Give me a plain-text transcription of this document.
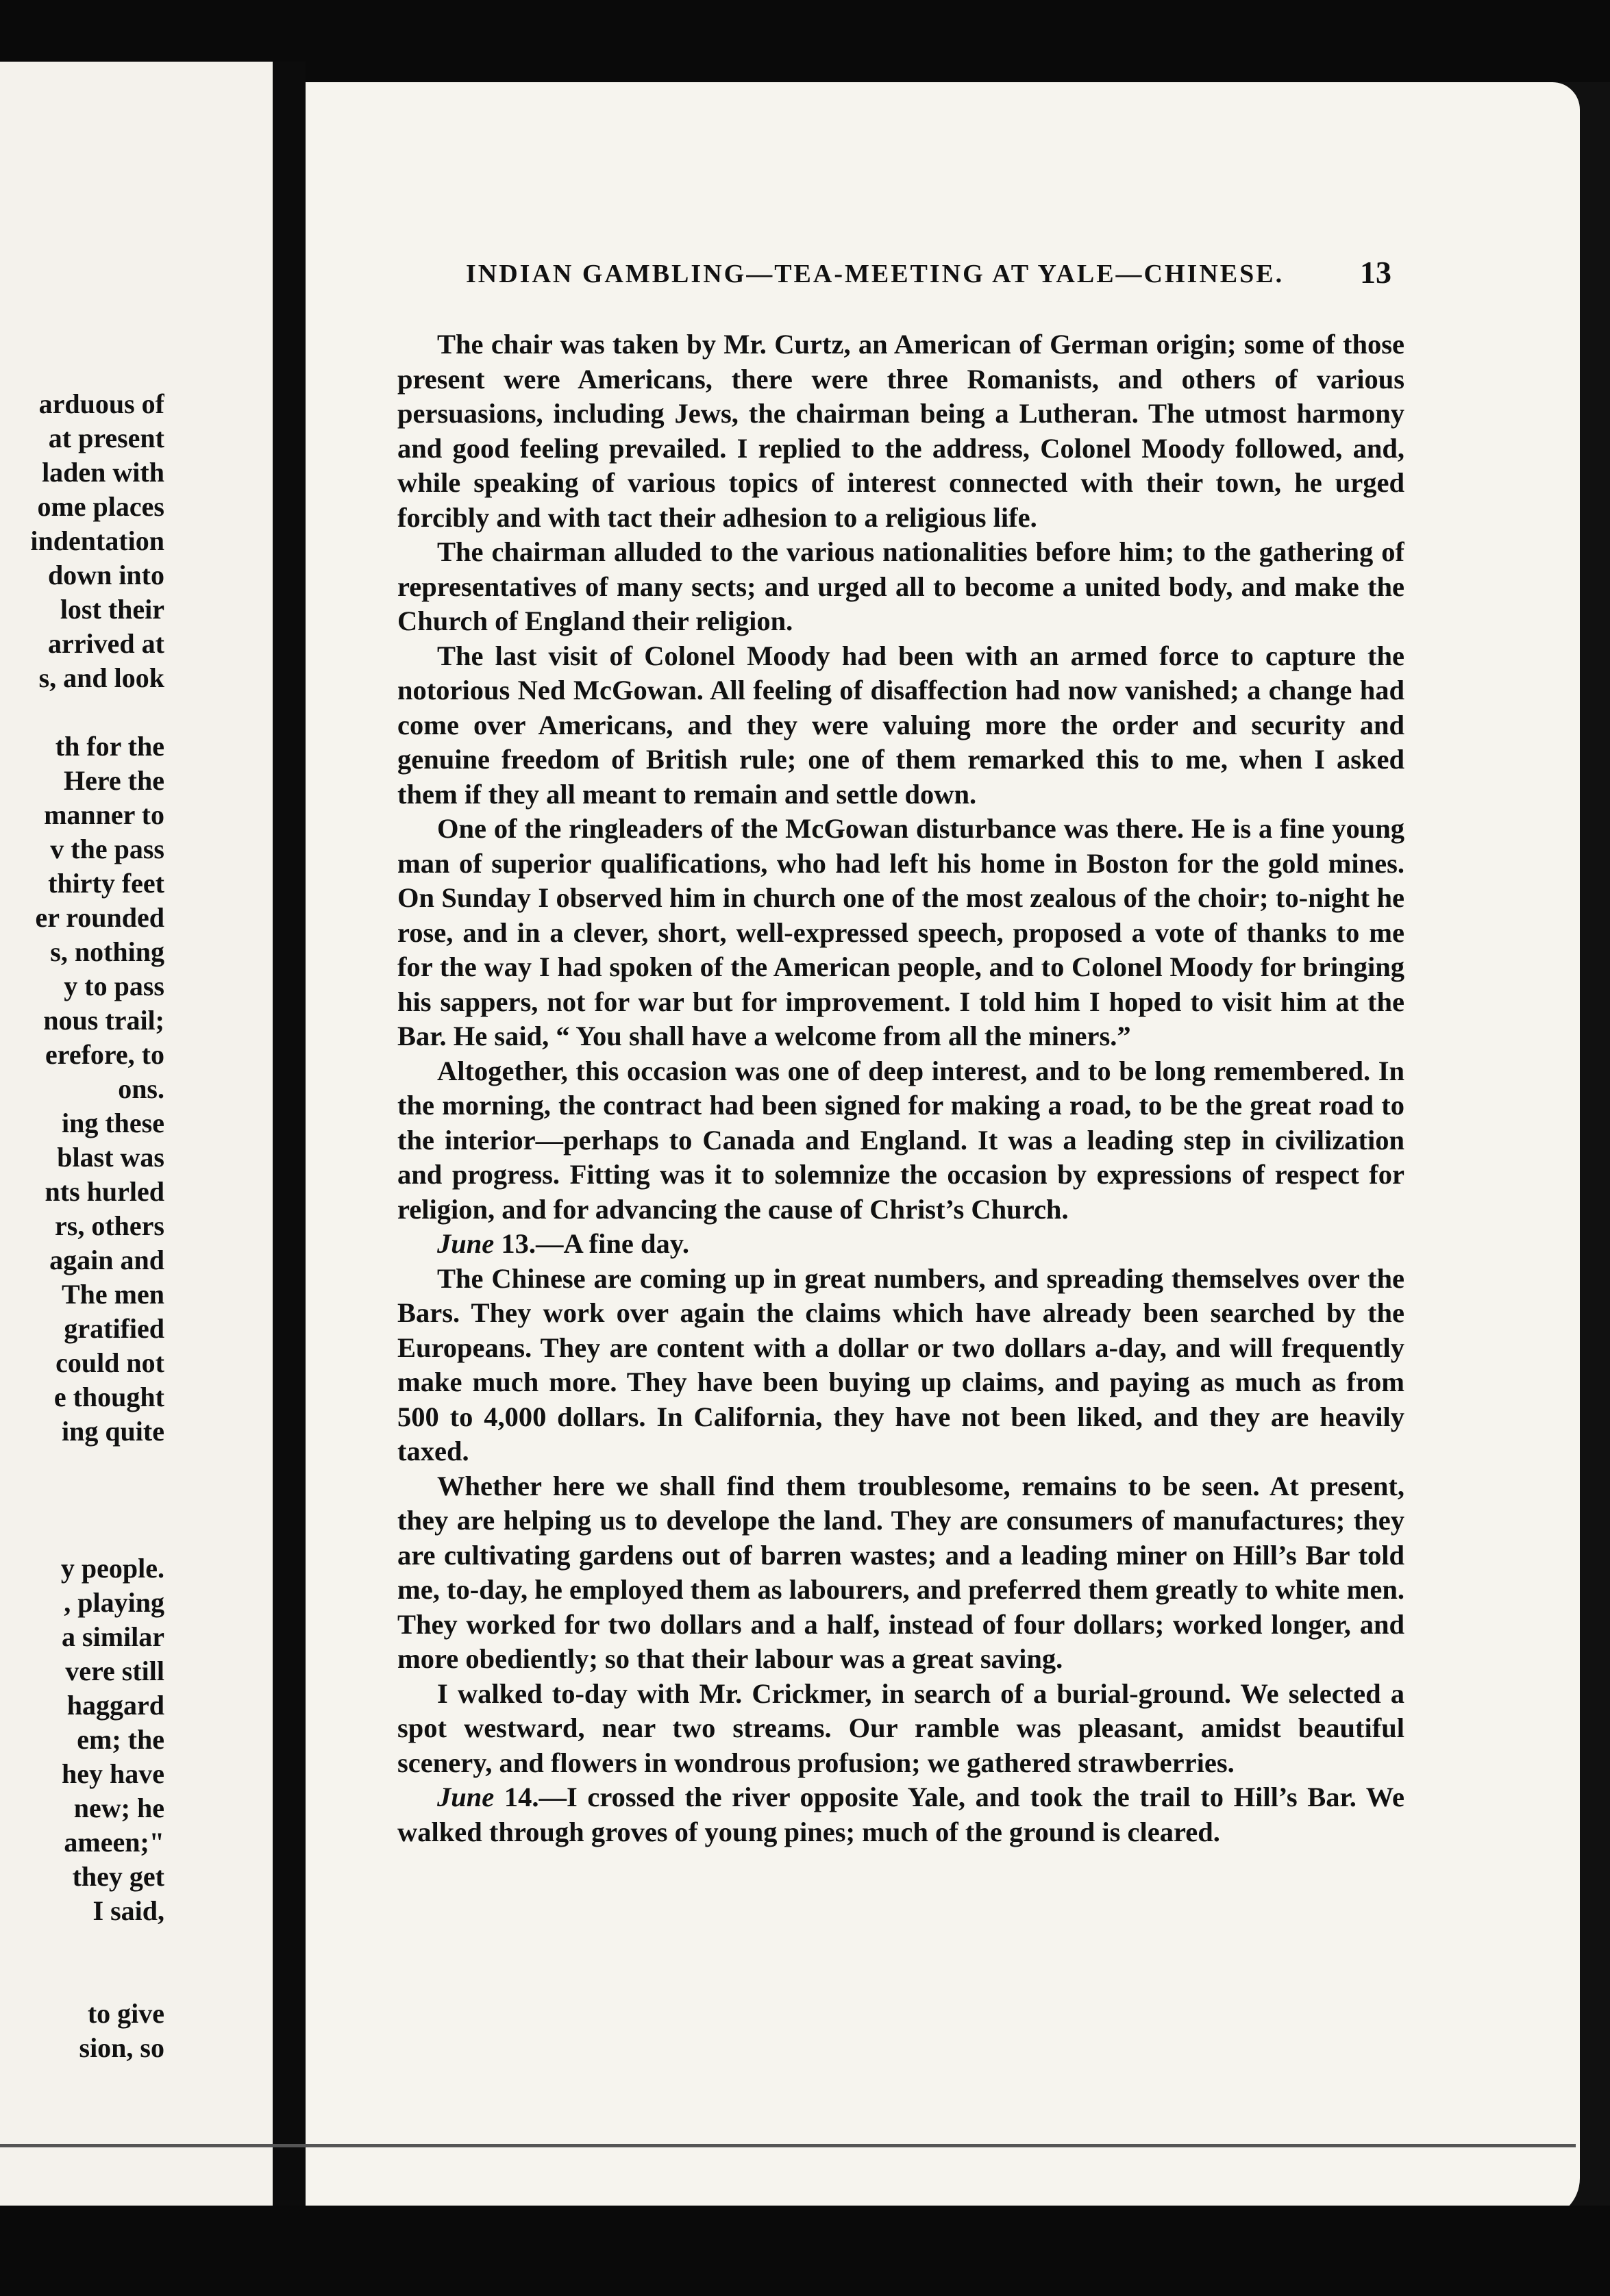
arduous of
at present
laden with
ome places
indentation
down into
lost their
arrived at
s, and look
th for the
Here the
manner to
v the pass
thirty feet
er rounded
s, nothing
y to pass
nous trail;
erefore, to
ons.
ing these
blast was
nts hurled
rs, others
again and
The men
gratified
could not
e thought
ing quite
y people.
, playing
a similar
vere still
haggard
em; the
hey have
new; he
ameen;"
they get
I said,
to give
sion, so
INDIAN GAMBLING—TEA-MEETING AT YALE—CHINESE.	13

The chair was taken by Mr. Curtz, an American of German origin; some of those present were Americans, there were three Romanists, and others of various persuasions, including Jews, the chairman being a Lutheran. The utmost harmony and good feeling prevailed. I replied to the address, Colonel Moody followed, and, while speaking of various topics of interest connected with their town, he urged forcibly and with tact their adhesion to a religious life.

The chairman alluded to the various nationalities before him; to the gathering of representatives of many sects; and urged all to become a united body, and make the Church of England their religion.

The last visit of Colonel Moody had been with an armed force to capture the notorious Ned McGowan. All feeling of disaffection had now vanished; a change had come over Americans, and they were valuing more the order and security and genuine freedom of British rule; one of them remarked this to me, when I asked them if they all meant to remain and settle down.

One of the ringleaders of the McGowan disturbance was there. He is a fine young man of superior qualifications, who had left his home in Boston for the gold mines. On Sunday I observed him in church one of the most zealous of the choir; to-night he rose, and in a clever, short, well-expressed speech, proposed a vote of thanks to me for the way I had spoken of the American people, and to Colonel Moody for bringing his sappers, not for war but for improvement. I told him I hoped to visit him at the Bar. He said, “ You shall have a welcome from all the miners.”

Altogether, this occasion was one of deep interest, and to be long remembered. In the morning, the contract had been signed for making a road, to be the great road to the interior—perhaps to Canada and England. It was a leading step in civilization and progress. Fitting was it to solemnize the occasion by expressions of respect for religion, and for advancing the cause of Christ’s Church.

June 13.—A fine day.

The Chinese are coming up in great numbers, and spreading themselves over the Bars. They work over again the claims which have already been searched by the Europeans. They are content with a dollar or two dollars a-day, and will frequently make much more. They have been buying up claims, and paying as much as from 500 to 4,000 dollars. In California, they have not been liked, and they are heavily taxed.

Whether here we shall find them troublesome, remains to be seen. At present, they are helping us to develope the land. They are consumers of manufactures; they are cultivating gardens out of barren wastes; and a leading miner on Hill’s Bar told me, to-day, he employed them as labourers, and preferred them greatly to white men. They worked for two dollars and a half, instead of four dollars; worked longer, and more obediently; so that their labour was a great saving.

I walked to-day with Mr. Crickmer, in search of a burial-ground. We selected a spot westward, near two streams. Our ramble was pleasant, amidst beautiful scenery, and flowers in wondrous profusion; we gathered strawberries.

June 14.—I crossed the river opposite Yale, and took the trail to Hill’s Bar. We walked through groves of young pines; much of the ground is cleared.
